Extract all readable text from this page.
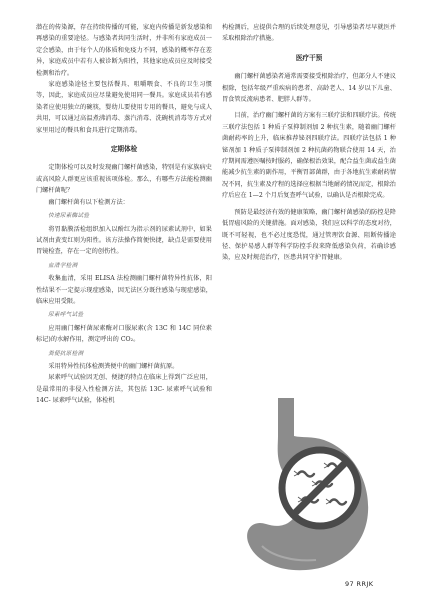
潜在的传染源，存在持续传播的可能，家庭内传播是新发感染和再感染的重要途径。与感染者共同生活时，并非所有家庭成员一定会感染，由于每个人的体质和免疫力不同，感染的概率存在差异，家庭成员中若有人被诊断为阳性，其他家庭成员应及时接受检测和治疗。

家庭感染途径主要包括餐具、咀嚼喂食、不良的卫生习惯等，因此，家庭成员应尽量避免使用同一餐具。家庭成员若有感染者应使用独立的碗筷，婴幼儿要使用专用的餐具，避免与成人共用，可以通过高温煮沸消毒、蒸汽消毒、洗碗机消毒等方式对家里用过的餐具和食具进行定期消毒。

定期体检

定期体检可以及时发现幽门螺杆菌感染，特别是有家族病史或高风险人群更应该重视该项体检。那么，有哪些方法能检测幽门螺杆菌呢？

幽门螺杆菌有以下检测方法：

快速尿素酶试验

将胃黏膜活检组织加入以酚红为指示剂的尿素试剂中，如果试剂由黄变红则为阳性。该方法操作简便快捷，缺点是需要使用胃镜检查，存在一定的创伤性。

血清学检测

收集血清，采用 ELISA 法检测幽门螺杆菌特异性抗体，阳性结果不一定提示现症感染，因无法区分既往感染与现症感染，临床应用受限。

尿素呼气试验

应用幽门螺杆菌尿素酶对口服尿素(含 13C 和 14C 同位素标记)的水解作用，测定呼出的 CO₂。

粪便抗原检测

采用特异性抗体检测粪便中的幽门螺杆菌抗原。

尿素呼气试验因无创、便捷的特点在临床上得到广泛应用，是最常用的非侵入性检测方法，其包括 13C- 尿素呼气试验和 14C- 尿素呼气试验，体检机

构检测后，应提供合理的后续处理意见，引导感染者尽早就医并采取根除治疗措施。

医疗干预

幽门螺杆菌感染者通常需要接受根除治疗，但部分人不建议根除，包括年级严重疾病的患者、高龄老人、14 岁以下儿童、胃食管反流病患者、肥胖人群等。

目前，治疗幽门螺杆菌的方案有三联疗法和四联疗法。传统三联疗法包括 1 种质子泵抑制剂加 2 种抗生素，随着幽门螺杆菌耐药率的上升，临床推荐铋剂四联疗法。四联疗法包括 1 种铋剂加 1 种质子泵抑制剂加 2 种抗菌药物联合使用 14 天，治疗期间需遵医嘱按时服药，确保根治效果，配合益生菌或益生菌能减少抗生素的副作用，平衡胃部菌群，由于各地抗生素耐药情况不同，抗生素及疗程的选择应根据当地耐药情况而定，根除治疗后应在 1—2 个月后复查呼气试验，以确认是否根除完成。

预防是最经济有效的健康策略，幽门螺杆菌感染的防控是降低胃癌风险的关键措施。面对感染，我们应以科学的态度对待，既不可轻视，也不必过度恐慌，通过管理饮食源、阻断传播途径、保护易感人群等科学防控手段来降低感染负荷，若确诊感染，应及时规范治疗，医患共同守护胃健康。

97 RRJK
